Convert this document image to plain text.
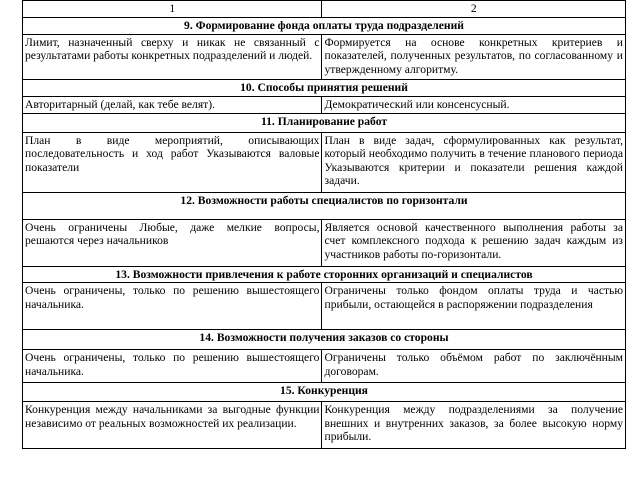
1	2
9. Формирование фонда оплаты труда подразделений	
Лимит, назначенный сверху и никак не связанный с результатами работы конкретных подразделений и людей.	Формируется на основе конкретных критериев и показателей, полученных результатов, по согласованному и утвержденному алгоритму.
10. Способы принятия решений	
Авторитарный (делай, как тебе велят).	Демократический или консенсусный.
11. Планирование работ	
План в виде мероприятий, описывающих последовательность и ход работ Указываются валовые показатели	План в виде задач, сформулированных как результат, который необходимо получить в течение планового периода Указываются критерии и показатели решения каждой задачи.
12. Возможности работы специалистов по горизонтали	
Очень ограничены Любые, даже мелкие вопросы, решаются через начальников	Является основой качественного выполнения работы за счет комплексного подхода к решению задач каждым из участников работы по-горизонтали.
13. Возможности привлечения к работе сторонних организаций и специалистов	
Очень ограничены, только по решению вышестоящего начальника.	Ограничены только фондом оплаты труда и частью прибыли, остающейся в распоряжении подразделения
14. Возможности получения заказов со стороны	
Очень ограничены, только по решению вышестоящего начальника.	Ограничены только объёмом работ по заключённым договорам.
15. Конкуренция	
Конкуренция между начальниками за выгодные функции независимо от реальных возможностей их реализации.	Конкуренция между подразделениями за получение внешних и внутренних заказов, за более высокую норму прибыли.
